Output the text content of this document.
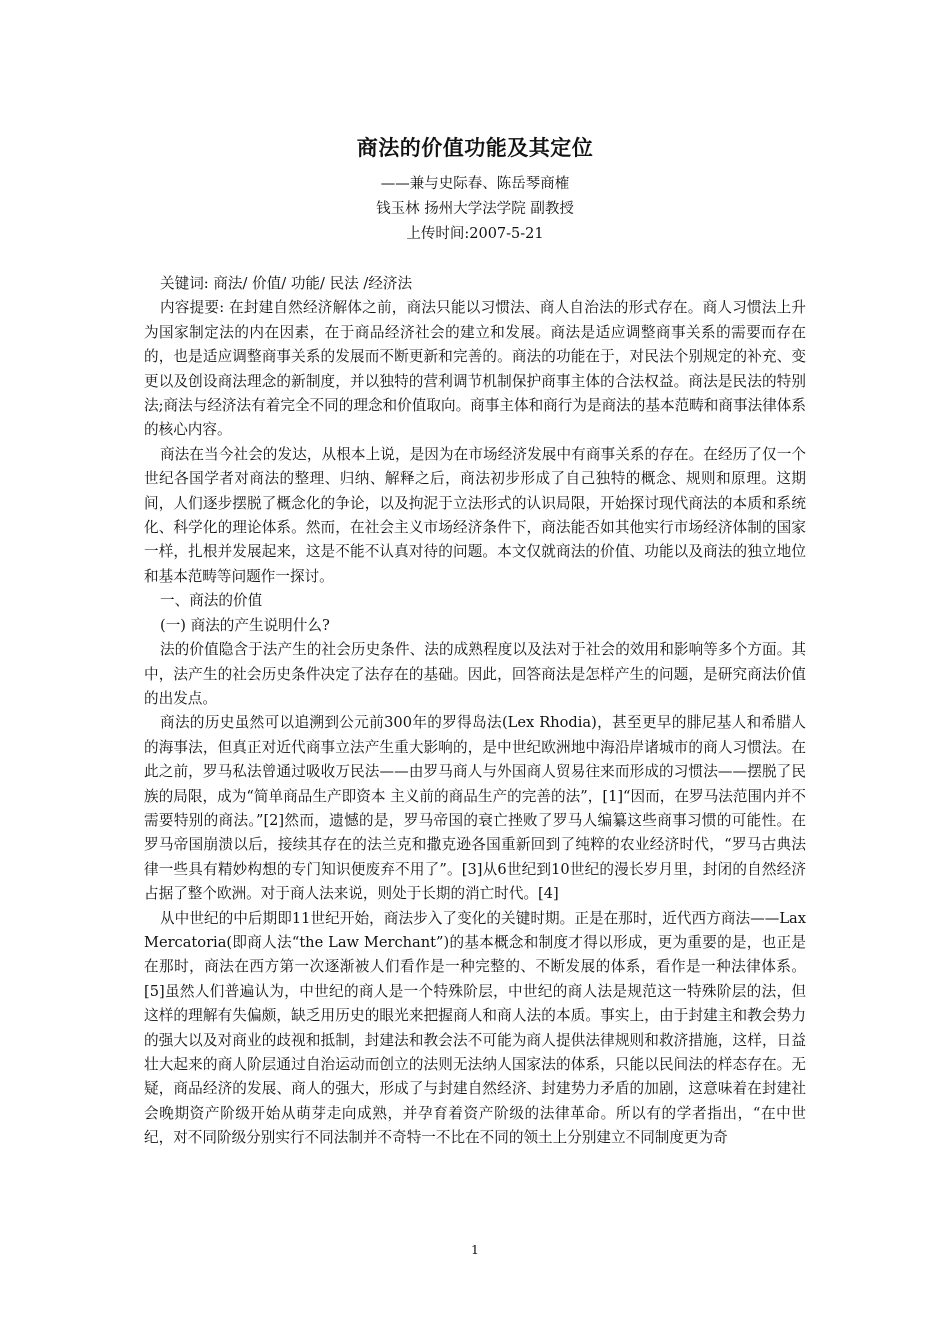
商法的价值功能及其定位

——兼与史际春、陈岳琴商榷

钱玉林 扬州大学法学院 副教授

上传时间:2007-5-21

关键词: 商法/ 价值/ 功能/ 民法 /经济法

内容提要: 在封建自然经济解体之前，商法只能以习惯法、商人自治法的形式存在。商人习惯法上升为国家制定法的内在因素，在于商品经济社会的建立和发展。商法是适应调整商事关系的需要而存在的，也是适应调整商事关系的发展而不断更新和完善的。商法的功能在于，对民法个别规定的补充、变更以及创设商法理念的新制度，并以独特的营利调节机制保护商事主体的合法权益。商法是民法的特别法;商法与经济法有着完全不同的理念和价值取向。商事主体和商行为是商法的基本范畴和商事法律体系的核心内容。

商法在当今社会的发达，从根本上说，是因为在市场经济发展中有商事关系的存在。在经历了仅一个世纪各国学者对商法的整理、归纳、解释之后，商法初步形成了自己独特的概念、规则和原理。这期间，人们逐步摆脱了概念化的争论，以及拘泥于立法形式的认识局限，开始探讨现代商法的本质和系统化、科学化的理论体系。然而，在社会主义市场经济条件下，商法能否如其他实行市场经济体制的国家一样，扎根并发展起来，这是不能不认真对待的问题。本文仅就商法的价值、功能以及商法的独立地位和基本范畴等问题作一探讨。

一、商法的价值

(一) 商法的产生说明什么?

法的价值隐含于法产生的社会历史条件、法的成熟程度以及法对于社会的效用和影响等多个方面。其中，法产生的社会历史条件决定了法存在的基础。因此，回答商法是怎样产生的问题，是研究商法价值的出发点。

商法的历史虽然可以追溯到公元前300年的罗得岛法(Lex Rhodia)，甚至更早的腓尼基人和希腊人的海事法，但真正对近代商事立法产生重大影响的，是中世纪欧洲地中海沿岸诸城市的商人习惯法。在此之前，罗马私法曾通过吸收万民法——由罗马商人与外国商人贸易往来而形成的习惯法——摆脱了民族的局限，成为“简单商品生产即资本 主义前的商品生产的完善的法”，[1]“因而，在罗马法范围内并不需要特别的商法。”[2]然而，遗憾的是，罗马帝国的衰亡挫败了罗马人编纂这些商事习惯的可能性。在罗马帝国崩溃以后，接续其存在的法兰克和撒克逊各国重新回到了纯粹的农业经济时代，“罗马古典法律一些具有精妙构想的专门知识便废弃不用了”。[3]从6世纪到10世纪的漫长岁月里，封闭的自然经济占据了整个欧洲。对于商人法来说，则处于长期的消亡时代。[4]

从中世纪的中后期即11世纪开始，商法步入了变化的关键时期。正是在那时，近代西方商法——Lax Mercatoria(即商人法“the Law Merchant”)的基本概念和制度才得以形成，更为重要的是，也正是在那时，商法在西方第一次逐渐被人们看作是一种完整的、不断发展的体系，看作是一种法律体系。[5]虽然人们普遍认为，中世纪的商人是一个特殊阶层，中世纪的商人法是规范这一特殊阶层的法，但这样的理解有失偏颇，缺乏用历史的眼光来把握商人和商人法的本质。事实上，由于封建主和教会势力的强大以及对商业的歧视和抵制，封建法和教会法不可能为商人提供法律规则和救济措施，这样，日益壮大起来的商人阶层通过自治运动而创立的法则无法纳人国家法的体系，只能以民间法的样态存在。无疑，商品经济的发展、商人的强大，形成了与封建自然经济、封建势力矛盾的加剧，这意味着在封建社会晚期资产阶级开始从萌芽走向成熟，并孕育着资产阶级的法律革命。所以有的学者指出，“在中世纪，对不同阶级分别实行不同法制并不奇特一不比在不同的领土上分别建立不同制度更为奇

1
